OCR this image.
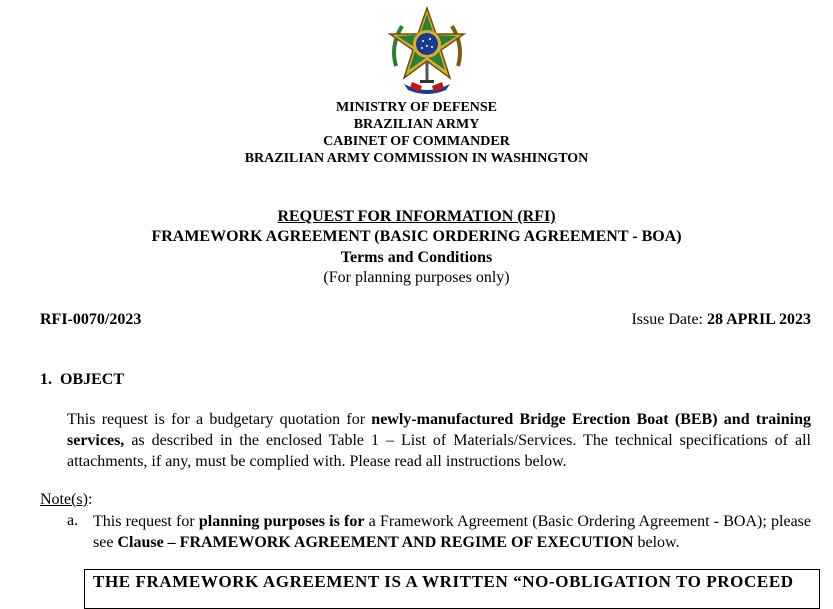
MINISTRY OF DEFENSE
BRAZILIAN ARMY
CABINET OF COMMANDER
BRAZILIAN ARMY COMMISSION IN WASHINGTON
REQUEST FOR INFORMATION (RFI)
FRAMEWORK AGREEMENT (BASIC ORDERING AGREEMENT - BOA)
Terms and Conditions
(For planning purposes only)
RFI-0070/2023	Issue Date: 28 APRIL 2023
1.  OBJECT
This request is for a budgetary quotation for newly-manufactured Bridge Erection Boat (BEB) and training services, as described in the enclosed Table 1 – List of Materials/Services. The technical specifications of all attachments, if any, must be complied with. Please read all instructions below.
Note(s):
a. This request for planning purposes is for a Framework Agreement (Basic Ordering Agreement - BOA); please see Clause – FRAMEWORK AGREEMENT AND REGIME OF EXECUTION below.
THE FRAMEWORK AGREEMENT IS A WRITTEN “NO-OBLIGATION TO PROCEED
